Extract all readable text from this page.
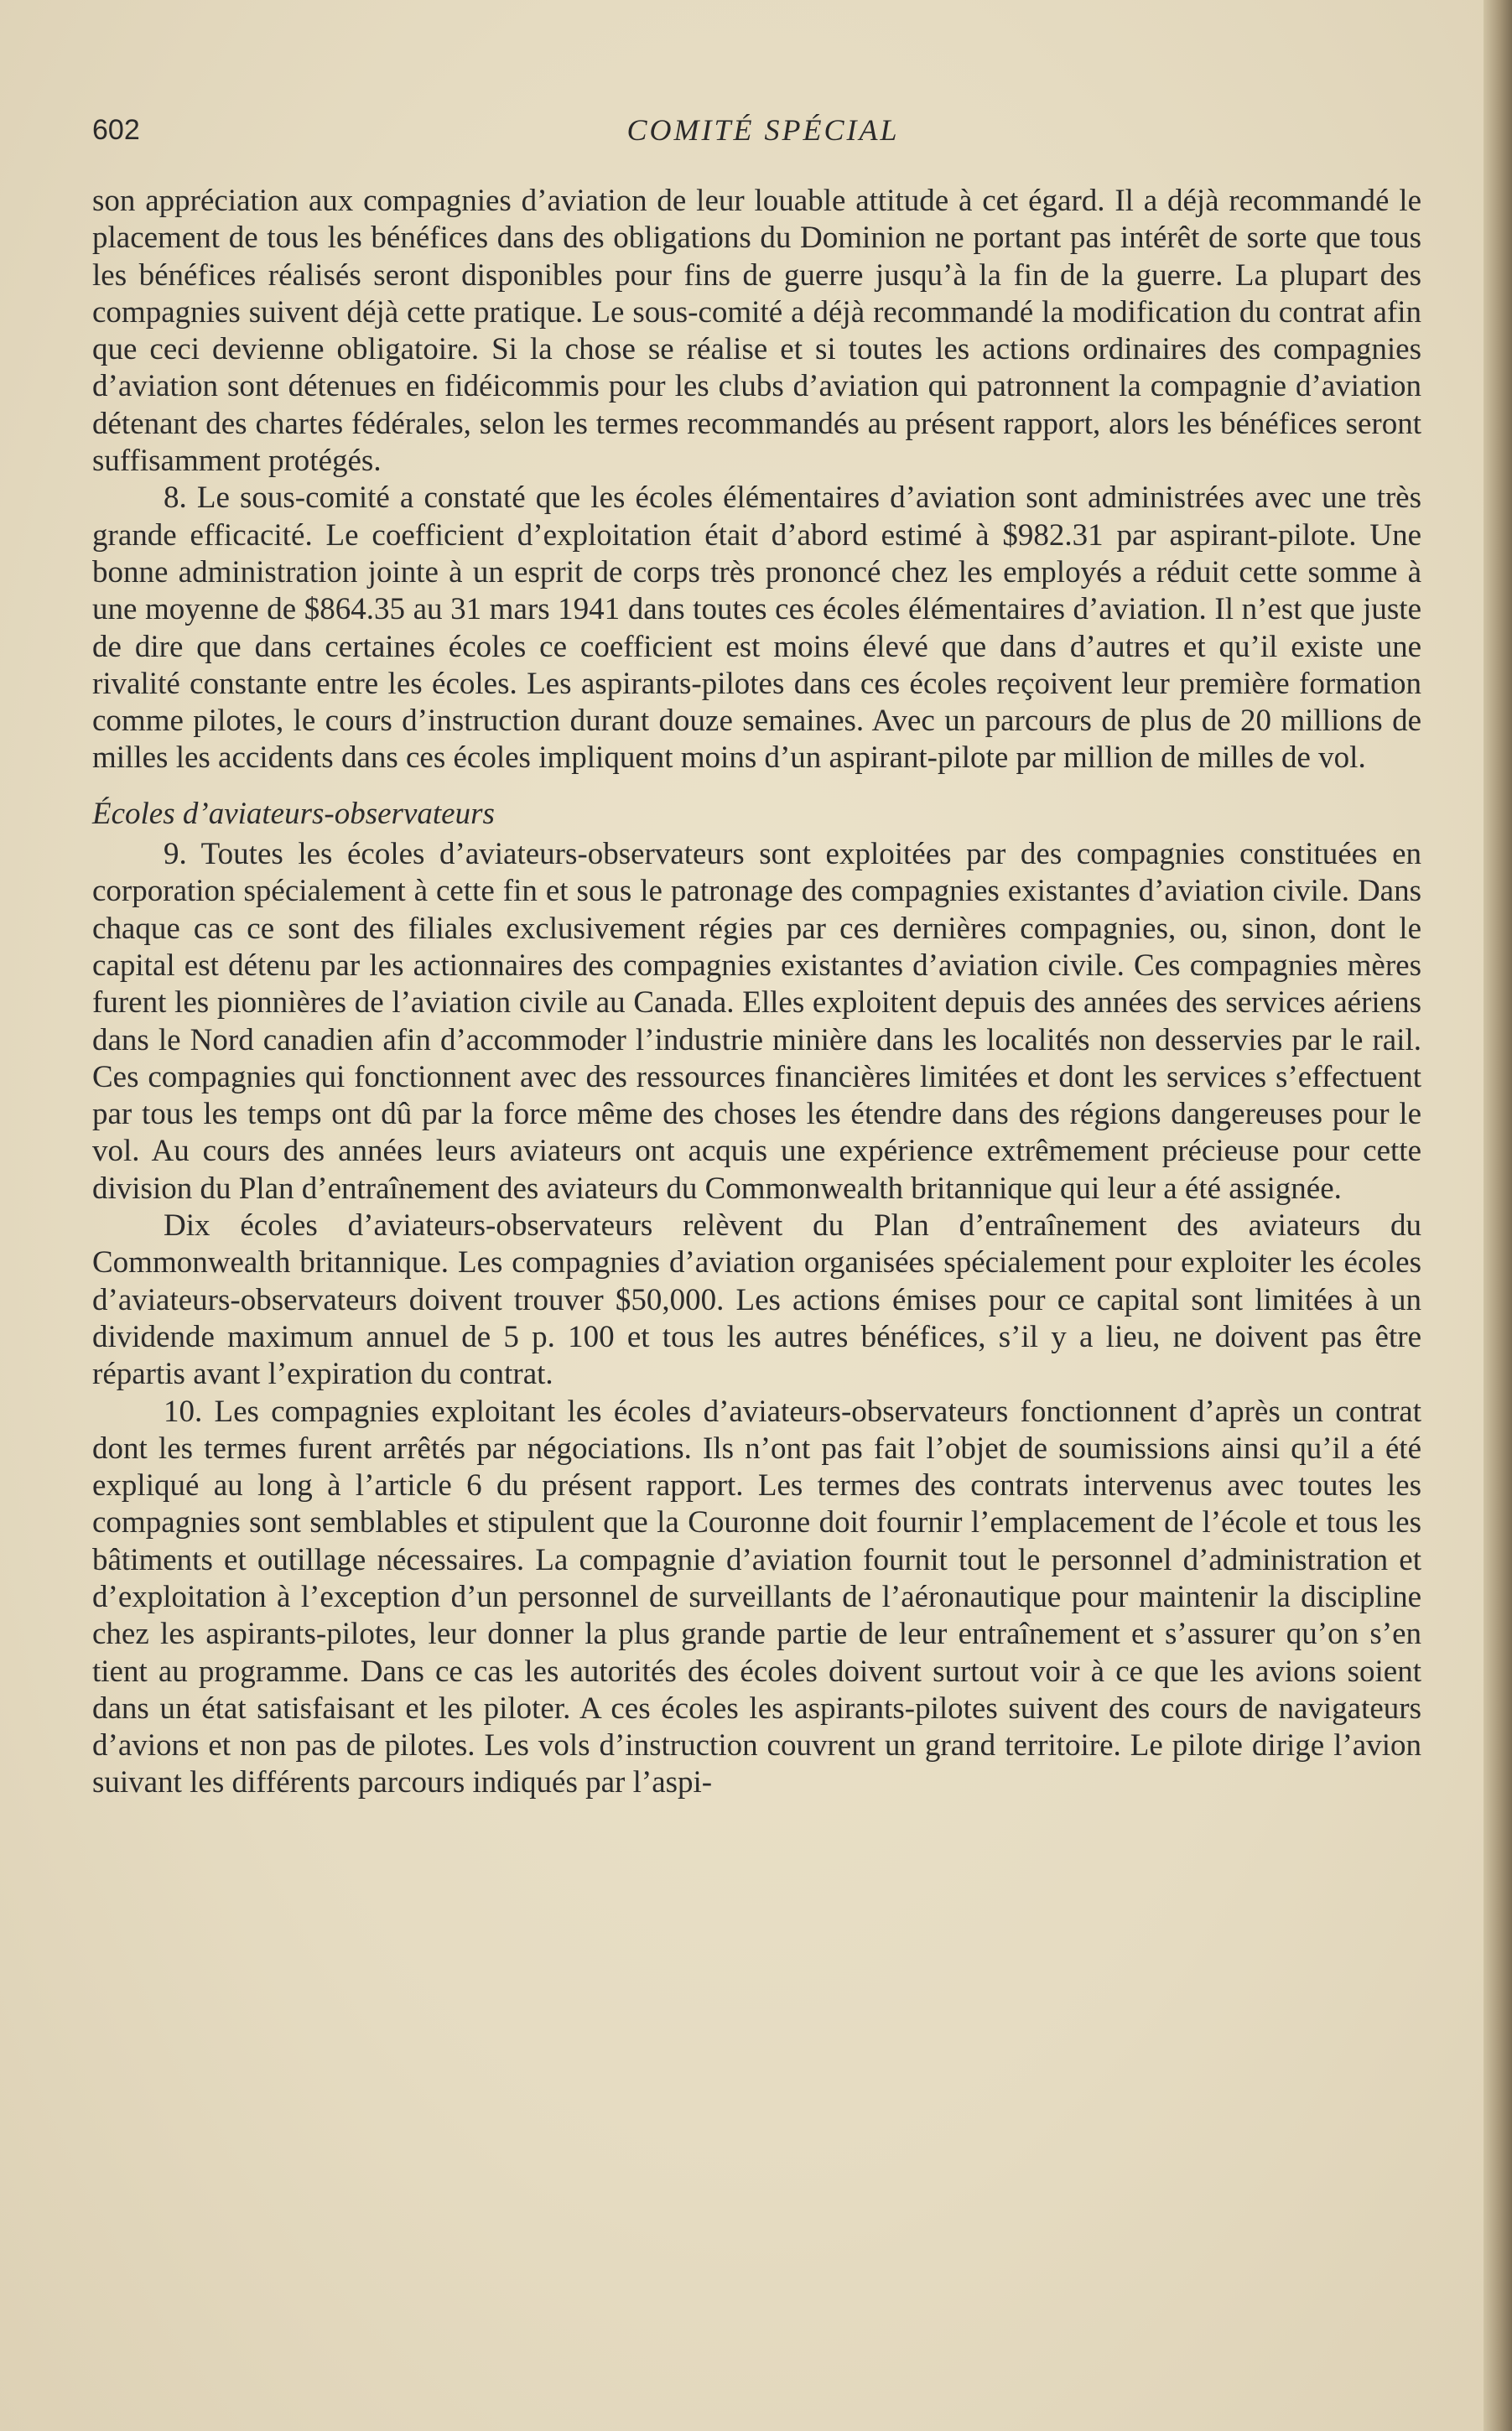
602	COMITÉ SPÉCIAL

son appréciation aux compagnies d’aviation de leur louable attitude à cet égard. Il a déjà recommandé le placement de tous les bénéfices dans des obligations du Dominion ne portant pas intérêt de sorte que tous les bénéfices réalisés seront disponibles pour fins de guerre jusqu’à la fin de la guerre. La plupart des compagnies suivent déjà cette pratique. Le sous-comité a déjà recommandé la modification du contrat afin que ceci devienne obligatoire. Si la chose se réalise et si toutes les actions ordinaires des compagnies d’aviation sont détenues en fidéicommis pour les clubs d’aviation qui patronnent la compagnie d’aviation détenant des chartes fédérales, selon les termes recommandés au présent rapport, alors les bénéfices seront suffisamment protégés.

8. Le sous-comité a constaté que les écoles élémentaires d’aviation sont administrées avec une très grande efficacité. Le coefficient d’exploitation était d’abord estimé à $982.31 par aspirant-pilote. Une bonne administration jointe à un esprit de corps très prononcé chez les employés a réduit cette somme à une moyenne de $864.35 au 31 mars 1941 dans toutes ces écoles élémentaires d’aviation. Il n’est que juste de dire que dans certaines écoles ce coefficient est moins élevé que dans d’autres et qu’il existe une rivalité constante entre les écoles. Les aspirants-pilotes dans ces écoles reçoivent leur première formation comme pilotes, le cours d’instruction durant douze semaines. Avec un parcours de plus de 20 millions de milles les accidents dans ces écoles impliquent moins d’un aspirant-pilote par million de milles de vol.

Écoles d’aviateurs-observateurs

9. Toutes les écoles d’aviateurs-observateurs sont exploitées par des compagnies constituées en corporation spécialement à cette fin et sous le patronage des compagnies existantes d’aviation civile. Dans chaque cas ce sont des filiales exclusivement régies par ces dernières compagnies, ou, sinon, dont le capital est détenu par les actionnaires des compagnies existantes d’aviation civile. Ces compagnies mères furent les pionnières de l’aviation civile au Canada. Elles exploitent depuis des années des services aériens dans le Nord canadien afin d’accommoder l’industrie minière dans les localités non desservies par le rail. Ces compagnies qui fonctionnent avec des ressources financières limitées et dont les services s’effectuent par tous les temps ont dû par la force même des choses les étendre dans des régions dangereuses pour le vol. Au cours des années leurs aviateurs ont acquis une expérience extrêmement précieuse pour cette division du Plan d’entraînement des aviateurs du Commonwealth britannique qui leur a été assignée.

Dix écoles d’aviateurs-observateurs relèvent du Plan d’entraînement des aviateurs du Commonwealth britannique. Les compagnies d’aviation organisées spécialement pour exploiter les écoles d’aviateurs-observateurs doivent trouver $50,000. Les actions émises pour ce capital sont limitées à un dividende maximum annuel de 5 p. 100 et tous les autres bénéfices, s’il y a lieu, ne doivent pas être répartis avant l’expiration du contrat.

10. Les compagnies exploitant les écoles d’aviateurs-observateurs fonctionnent d’après un contrat dont les termes furent arrêtés par négociations. Ils n’ont pas fait l’objet de soumissions ainsi qu’il a été expliqué au long à l’article 6 du présent rapport. Les termes des contrats intervenus avec toutes les compagnies sont semblables et stipulent que la Couronne doit fournir l’emplacement de l’école et tous les bâtiments et outillage nécessaires. La compagnie d’aviation fournit tout le personnel d’administration et d’exploitation à l’exception d’un personnel de surveillants de l’aéronautique pour maintenir la discipline chez les aspirants-pilotes, leur donner la plus grande partie de leur entraînement et s’assurer qu’on s’en tient au programme. Dans ce cas les autorités des écoles doivent surtout voir à ce que les avions soient dans un état satisfaisant et les piloter. A ces écoles les aspirants-pilotes suivent des cours de navigateurs d’avions et non pas de pilotes. Les vols d’instruction couvrent un grand territoire. Le pilote dirige l’avion suivant les différents parcours indiqués par l’aspi-
